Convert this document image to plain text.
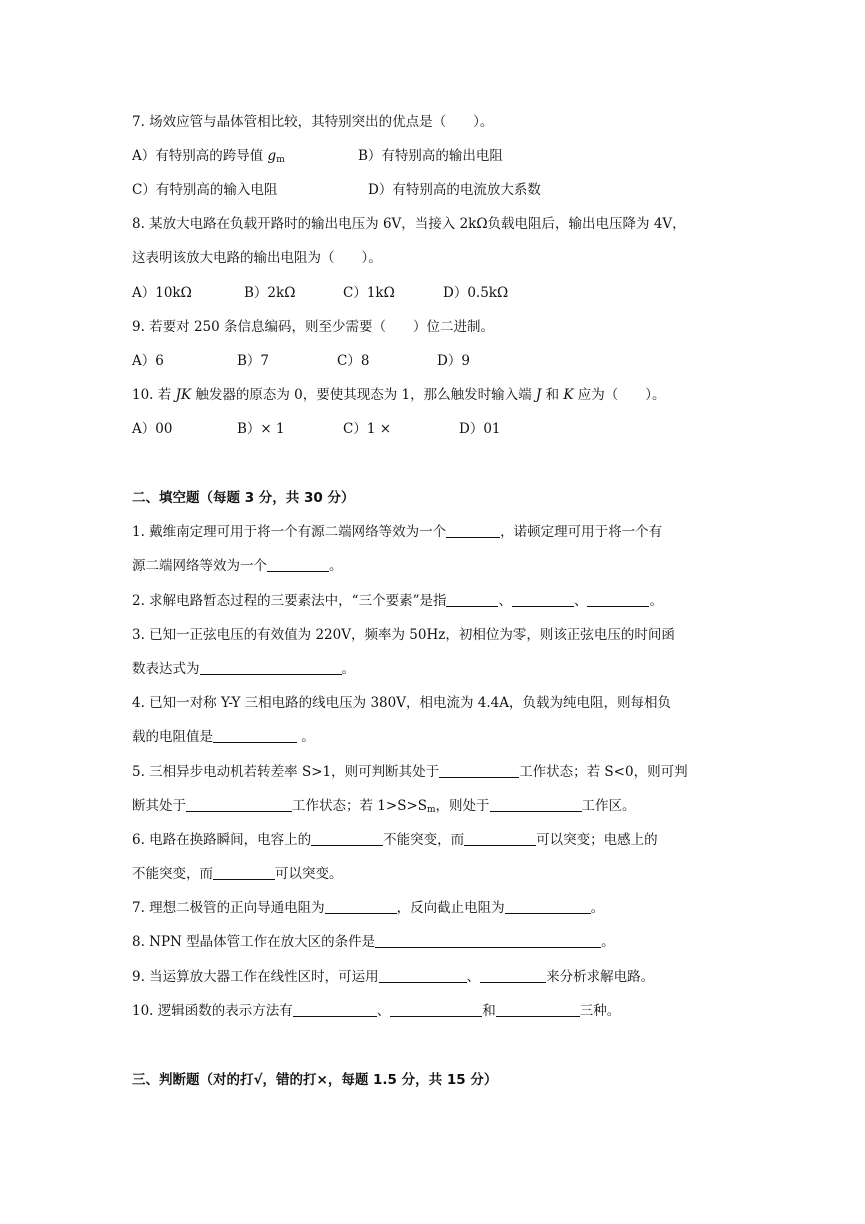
7. 场效应管与晶体管相比较，其特别突出的优点是（　　）。
A）有特别高的跨导值 $g_m$	B）有特别高的输出电阻
C）有特别高的输入电阻	D）有特别高的电流放大系数
8. 某放大电路在负载开路时的输出电压为 6V，当接入 2kΩ负载电阻后，输出电压降为 4V，
这表明该放大电路的输出电阻为（　　）。
A）10kΩ	B）2kΩ	C）1kΩ	D）0.5kΩ
9. 若要对 250 条信息编码，则至少需要（　　）位二进制。
A）6	B）7	C）8	D）9
10. 若 JK 触发器的原态为 0，要使其现态为 1，那么触发时输入端 J 和 K 应为（　　）。
A）00	B）× 1	C）1 ×	D）01
二、填空题（每题 3 分，共 30 分）
1. 戴维南定理可用于将一个有源二端网络等效为一个	，诺顿定理可用于将一个有
源二端网络等效为一个	。
2. 求解电路暂态过程的三要素法中，“三个要素”是指	、	、	。
3. 已知一正弦电压的有效值为 220V，频率为 50Hz，初相位为零，则该正弦电压的时间函
数表达式为	。
4. 已知一对称 Y-Y 三相电路的线电压为 380V，相电流为 4.4A，负载为纯电阻，则每相负
载的电阻值是	。
5. 三相异步电动机若转差率 S>1，则可判断其处于	工作状态；若 S<0，则可判
断其处于	工作状态；若 $1>S>S_m$，则处于	工作区。
6. 电路在换路瞬间，电容上的	不能突变，而	可以突变；电感上的
不能突变，而	可以突变。
7. 理想二极管的正向导通电阻为	，反向截止电阻为	。
8. NPN 型晶体管工作在放大区的条件是	。
9. 当运算放大器工作在线性区时，可运用	、	来分析求解电路。
10. 逻辑函数的表示方法有	、	和	三种。
三、判断题（对的打√，错的打×，每题 1.5 分，共 15 分）
